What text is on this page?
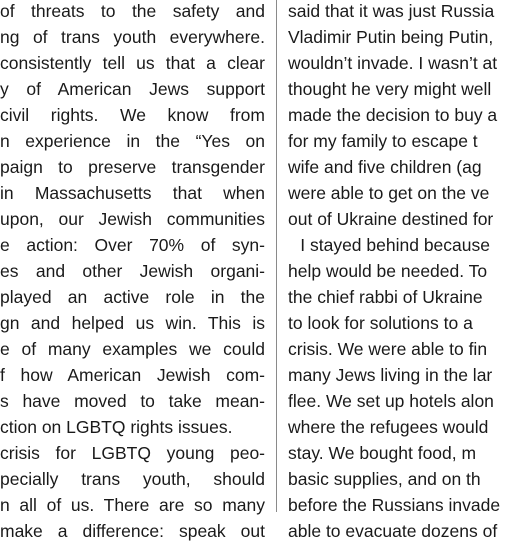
of threats to the safety and
ng of trans youth everywhere.
consistently tell us that a clear
y of American Jews support
civil rights. We know from
n experience in the “Yes on
paign to preserve transgender
in Massachusetts that when
upon, our Jewish communities
e action: Over 70% of syn-
es and other Jewish organi-
played an active role in the
gn and helped us win. This is
e of many examples we could
f how American Jewish com-
s have moved to take mean-
ction on LGBTQ rights issues.
crisis for LGBTQ young peo-
pecially trans youth, should
n all of us. There are so many
make a difference: speak out
said that it was just Russia
Vladimir Putin being Putin,
wouldn’t invade. I wasn’t at
thought he very might well
made the decision to buy a
for my family to escape t
wife and five children (ag
were able to get on the ve
out of Ukraine destined for
  I stayed behind because
help would be needed. To
the chief rabbi of Ukraine
to look for solutions to a
crisis. We were able to fin
many Jews living in the lar
flee. We set up hotels alon
where the refugees would
stay. We bought food, m
basic supplies, and on th
before the Russians invade
able to evacuate dozens of
